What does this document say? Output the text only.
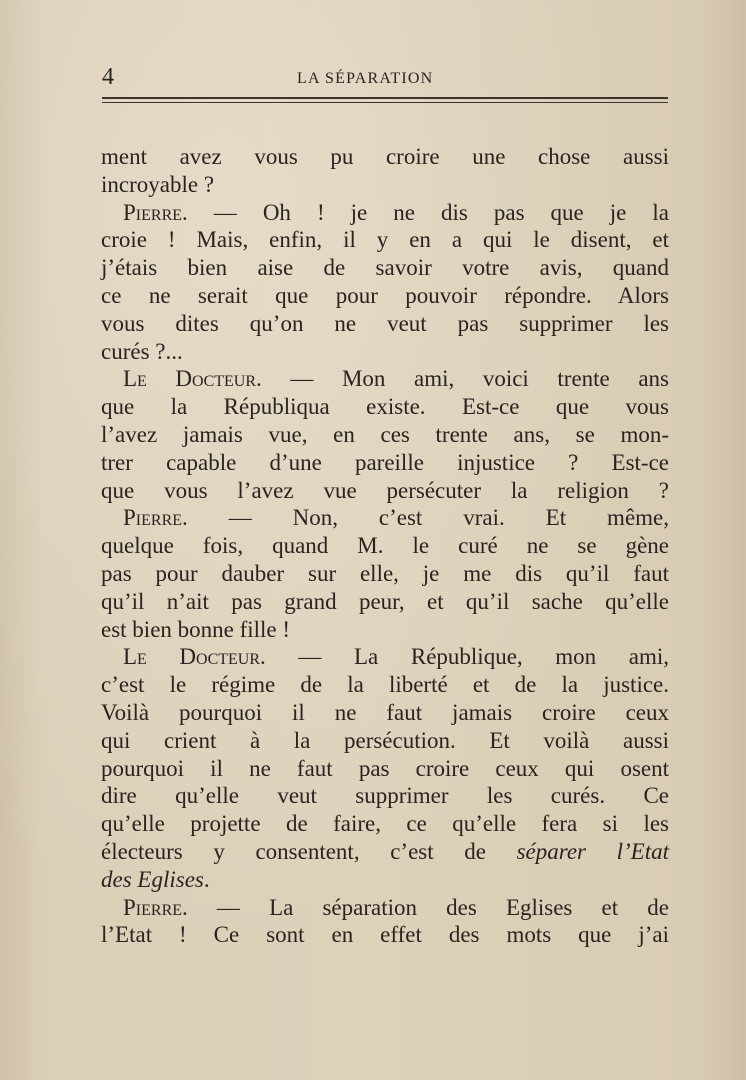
4	LA SÉPARATION
ment avez vous pu croire une chose aussi
incroyable ?
Pierre. — Oh ! je ne dis pas que je la
croie ! Mais, enfin, il y en a qui le disent, et
j’étais bien aise de savoir votre avis, quand
ce ne serait que pour pouvoir répondre. Alors
vous dites qu’on ne veut pas supprimer les
curés ?...
Le Docteur. — Mon ami, voici trente ans
que la Républiqua existe. Est-ce que vous
l’avez jamais vue, en ces trente ans, se mon-
trer capable d’une pareille injustice ? Est-ce
que vous l’avez vue persécuter la religion ?
Pierre. — Non, c’est vrai. Et même,
quelque fois, quand M. le curé ne se gène
pas pour dauber sur elle, je me dis qu’il faut
qu’il n’ait pas grand peur, et qu’il sache qu’elle
est bien bonne fille !
Le Docteur. — La République, mon ami,
c’est le régime de la liberté et de la justice.
Voilà pourquoi il ne faut jamais croire ceux
qui crient à la persécution. Et voilà aussi
pourquoi il ne faut pas croire ceux qui osent
dire qu’elle veut supprimer les curés. Ce
qu’elle projette de faire, ce qu’elle fera si les
électeurs y consentent, c’est de séparer l’Etat
des Eglises.
Pierre. — La séparation des Eglises et de
l’Etat ! Ce sont en effet des mots que j’ai
